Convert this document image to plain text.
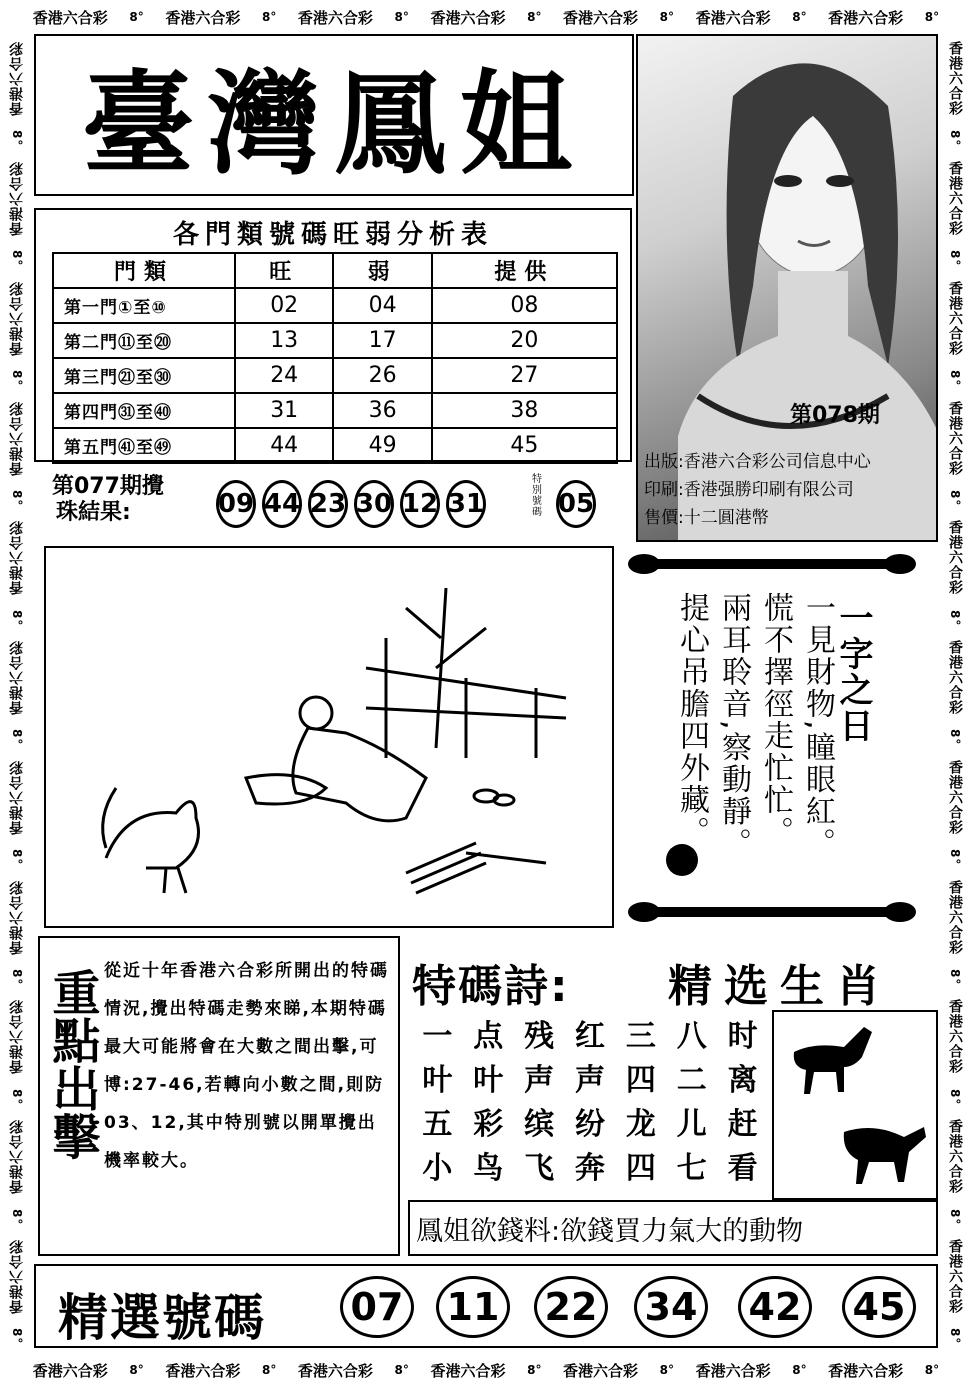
香港六合彩 8° 香港六合彩 8° 香港六合彩 8° 香港六合彩 8° 香港六合彩 8° 香港六合彩 8° 香港六合彩 8°
香港六合彩 8° 香港六合彩 8° 香港六合彩 8° 香港六合彩 8° 香港六合彩 8° 香港六合彩 8° 香港六合彩 8°
香港六合彩
8°
香港六合彩
8°
香港六合彩
8°
香港六合彩
8°
香港六合彩
8°
香港六合彩
8°
香港六合彩
8°
香港六合彩
8°
香港六合彩
8°
香港六合彩
8°
香港六合彩
8°
香港六合彩
8°
香港六合彩
8°
香港六合彩
8°
香港六合彩
8°
香港六合彩
8°
香港六合彩
8°
香港六合彩
8°
香港六合彩
8°
香港六合彩
8°
香港六合彩
8°
香港六合彩
8°
臺灣鳳姐
第078期
出版:香港六合彩公司信息中心
印刷:香港强勝印刷有限公司
售價:十二圓港幣
各門類號碼旺弱分析表
門類	旺	弱	提供
第一門①至⑩	02	04	08
第二門⑪至⑳	13	17	20
第三門㉑至㉚	24	26	27
第四門㉛至㊵	31	36	38
第五門㊶至㊾	44	49	45
第077期攪
珠結果:	09 44 23 30 12 31
特別號碼 05
一字之日
一見財物,瞳眼紅。
慌不擇徑走忙忙。
兩耳聆音,察動靜。
提心吊膽四外藏。
重點出擊 從近十年香港六合彩所開出的特碼情況,攪出特碼走勢來睇,本期特碼最大可能將會在大數之間出擊,可博:27-46,若轉向小數之間,則防03、12,其中特別號以開單攪出機率較大。
特碼詩: 精选生肖
一 点 残 红 三 八 时
叶 叶 声 声 四 二 离
五 彩 缤 纷 龙 儿 赶
小 鸟 飞 奔 四 七 看
鳳姐欲錢料:欲錢買力氣大的動物
精選號碼 07 11 22 34 42 45
